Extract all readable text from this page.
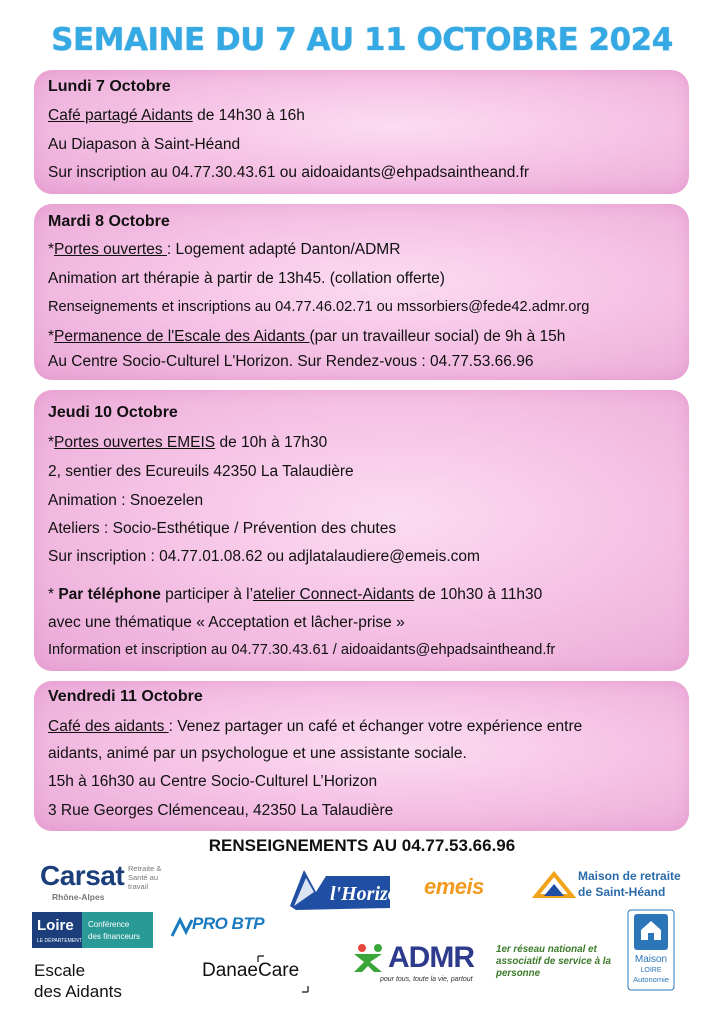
SEMAINE DU 7 AU 11 OCTOBRE 2024
Lundi 7 Octobre
Café partagé Aidants de 14h30 à 16h
Au Diapason à Saint-Héand
Sur inscription au 04.77.30.43.61 ou aidoaidants@ehpadsaintheand.fr
Mardi 8 Octobre
*Portes ouvertes : Logement adapté Danton/ADMR
Animation art thérapie à partir de 13h45. (collation offerte)
Renseignements et inscriptions au 04.77.46.02.71 ou mssorbiers@fede42.admr.org
*Permanence de l'Escale des Aidants (par un travailleur social) de 9h à 15h
Au Centre Socio-Culturel L'Horizon. Sur Rendez-vous : 04.77.53.66.96
Jeudi 10 Octobre
*Portes ouvertes EMEIS de 10h à 17h30
2, sentier des Ecureuils 42350 La Talaudière
Animation : Snoezelen
Ateliers : Socio-Esthétique / Prévention des chutes
Sur inscription : 04.77.01.08.62 ou adjlatalaudiere@emeis.com
* Par téléphone participer à l’atelier Connect-Aidants de 10h30 à 11h30
avec une thématique « Acceptation et lâcher-prise »
Information et inscription au 04.77.30.43.61 / aidoaidants@ehpadsaintheand.fr
Vendredi 11 Octobre
Café des aidants : Venez partager un café et échanger votre expérience entre
aidants, animé par un psychologue et une assistante sociale.
15h à 16h30 au Centre Socio-Culturel L’Horizon
3 Rue Georges Clémenceau, 42350 La Talaudière
RENSEIGNEMENTS AU 04.77.53.66.96
Carsat Retraite & Santé au travail
Rhône-Alpes	l'Horizon emeis	Maison de retraite de Saint-Héand
Loire
LE DÉPARTEMENT
Conférence
des financeurs
PRO BTP
Escale
des Aidants
DanaeCare	ADMR
pour tous, toute la vie, partout
1er réseau national et associatif de service à la personne
Maison
LOIRE
Autonomie
